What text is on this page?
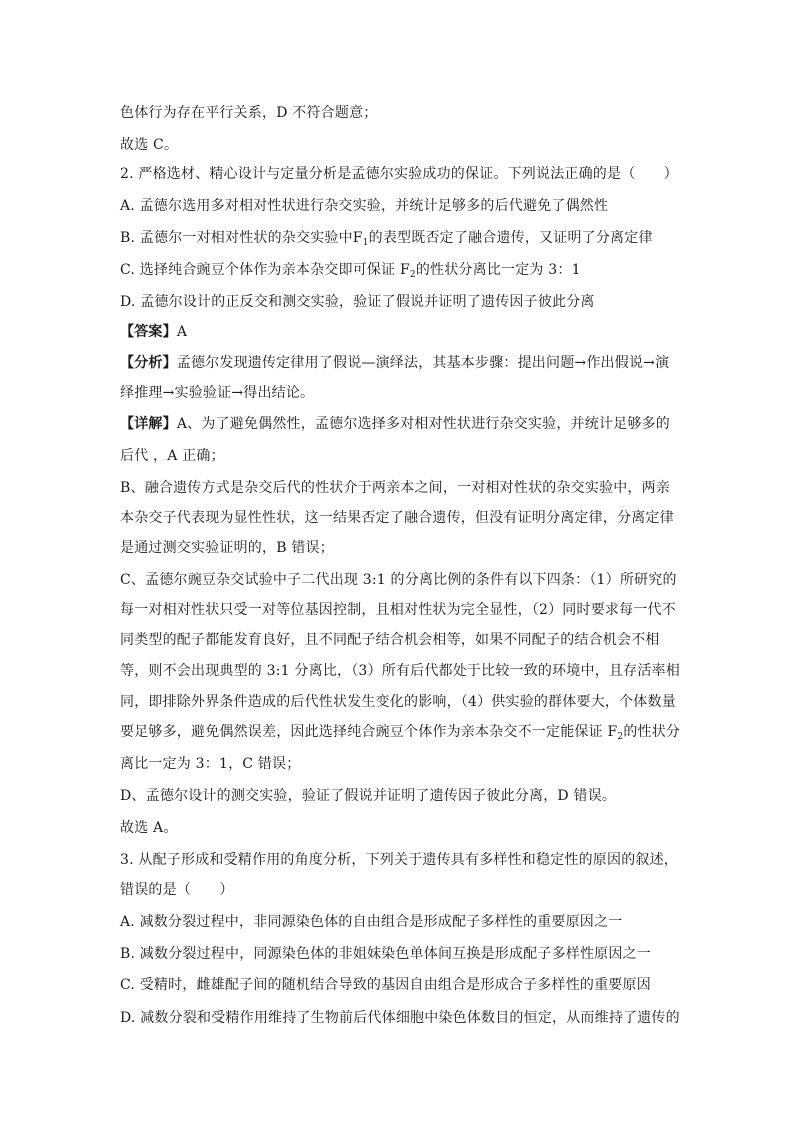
色体行为存在平行关系，D 不符合题意；
故选 C。
2. 严格选材、精心设计与定量分析是孟德尔实验成功的保证。下列说法正确的是（　　）
A. 孟德尔选用多对相对性状进行杂交实验，并统计足够多的后代避免了偶然性
B. 孟德尔一对相对性状的杂交实验中$F_1$的表型既否定了融合遗传，又证明了分离定律
C. 选择纯合豌豆个体作为亲本杂交即可保证 $F_2$的性状分离比一定为 3：1
D. 孟德尔设计的正反交和测交实验，验证了假说并证明了遗传因子彼此分离
【答案】A
【分析】孟德尔发现遗传定律用了假说—演绎法，其基本步骤：提出问题→作出假说→演
绎推理→实验验证→得出结论。
【详解】A、为了避免偶然性，孟德尔选择多对相对性状进行杂交实验，并统计足够多的
后代 ，A 正确；
B、融合遗传方式是杂交后代的性状介于两亲本之间，一对相对性状的杂交实验中，两亲
本杂交子代表现为显性性状，这一结果否定了融合遗传，但没有证明分离定律，分离定律
是通过测交实验证明的，B 错误；
C、孟德尔豌豆杂交试验中子二代出现 3:1 的分离比例的条件有以下四条：（1）所研究的
每一对相对性状只受一对等位基因控制，且相对性状为完全显性，（2）同时要求每一代不
同类型的配子都能发育良好，且不同配子结合机会相等，如果不同配子的结合机会不相
等，则不会出现典型的 3:1 分离比，（3）所有后代都处于比较一致的环境中，且存活率相
同，即排除外界条件造成的后代性状发生变化的影响，（4）供实验的群体要大，个体数量
要足够多，避免偶然误差，因此选择纯合豌豆个体作为亲本杂交不一定能保证 $F_2$的性状分
离比一定为 3：1，C 错误；
D、孟德尔设计的测交实验，验证了假说并证明了遗传因子彼此分离，D 错误。
故选 A。
3. 从配子形成和受精作用的角度分析，下列关于遗传具有多样性和稳定性的原因的叙述，
错误的是（　　）
A. 减数分裂过程中，非同源染色体的自由组合是形成配子多样性的重要原因之一
B. 减数分裂过程中，同源染色体的非姐妹染色单体间互换是形成配子多样性原因之一
C. 受精时，雌雄配子间的随机结合导致的基因自由组合是形成合子多样性的重要原因
D. 减数分裂和受精作用维持了生物前后代体细胞中染色体数目的恒定，从而维持了遗传的
